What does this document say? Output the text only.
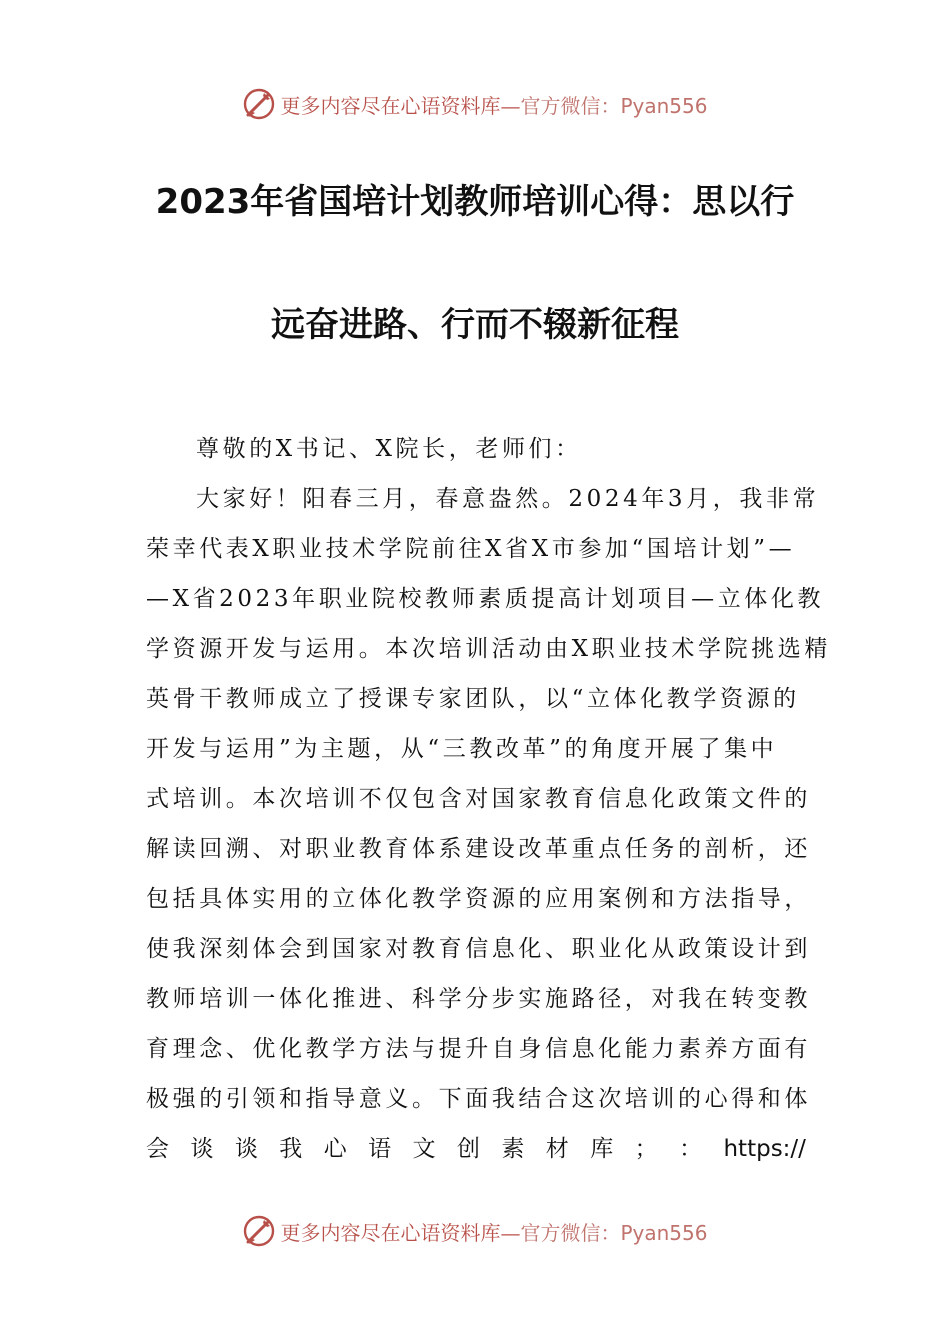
更多内容尽在心语资料库— 官方微信：Pyan556
2023年省国培计划教师培训心得：思以行
远奋进路、行而不辍新征程
尊敬的X书记、X院长，老师们：
大家好！阳春三月，春意盎然。2024年3月，我非常
荣幸代表X职业技术学院前往X省X市参加“国培计划”—
—X省2023年职业院校教师素质提高计划项目—立体化教
学资源开发与运用。本次培训活动由X职业技术学院挑选精
英骨干教师成立了授课专家团队，以“立体化教学资源的
开发与运用”为主题，从“三教改革”的角度开展了集中
式培训。本次培训不仅包含对国家教育信息化政策文件的
解读回溯、对职业教育体系建设改革重点任务的剖析，还
包括具体实用的立体化教学资源的应用案例和方法指导，
使我深刻体会到国家对教育信息化、职业化从政策设计到
教师培训一体化推进、科学分步实施路径，对我在转变教
育理念、优化教学方法与提升自身信息化能力素养方面有
极强的引领和指导意义。下面我结合这次培训的心得和体
会 谈 谈 我 心 语 文 创 素 材 库 ； ： https://
更多内容尽在心语资料库— 官方微信：Pyan556
